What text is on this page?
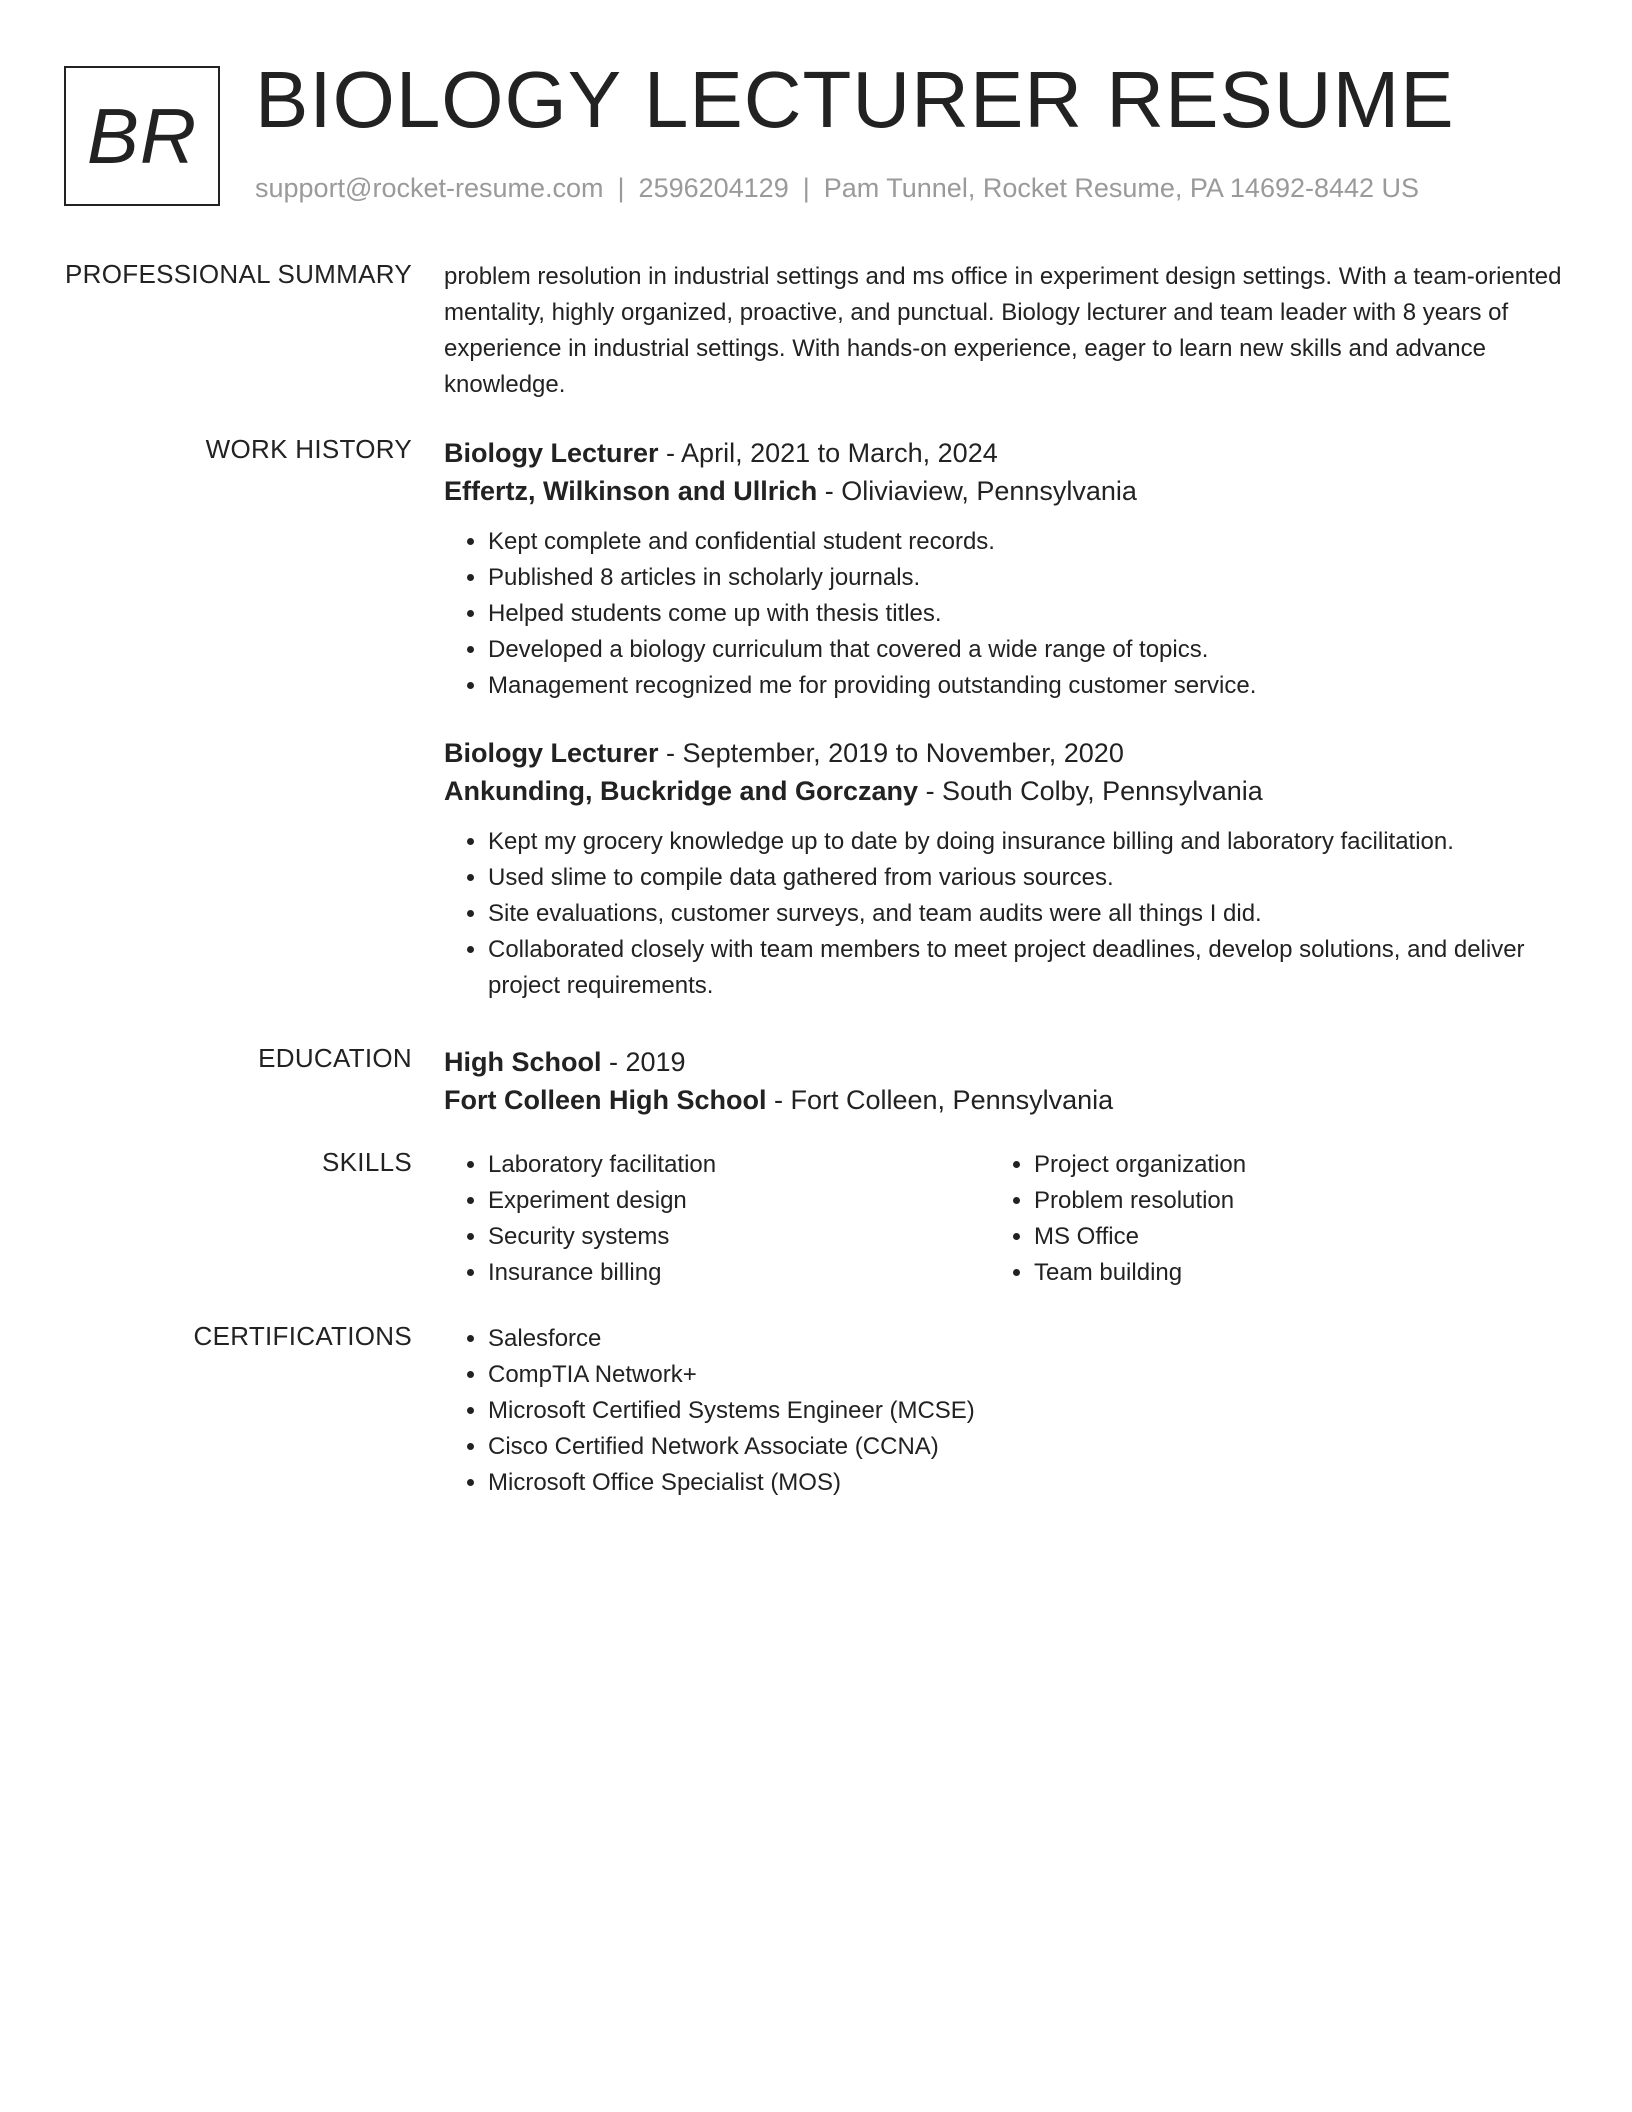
BR BIOLOGY LECTURER RESUME
support@rocket-resume.com | 2596204129 | Pam Tunnel, Rocket Resume, PA 14692-8442 US
PROFESSIONAL SUMMARY problem resolution in industrial settings and ms office in experiment design settings. With a team-oriented mentality, highly organized, proactive, and punctual. Biology lecturer and team leader with 8 years of experience in industrial settings. With hands-on experience, eager to learn new skills and advance knowledge.

WORK HISTORY Biology Lecturer - April, 2021 to March, 2024

Effertz, Wilkinson and Ullrich - Oliviaview, Pennsylvania

• Kept complete and confidential student records.
• Published 8 articles in scholarly journals.
• Helped students come up with thesis titles.
• Developed a biology curriculum that covered a wide range of topics.
• Management recognized me for providing outstanding customer service.

Biology Lecturer - September, 2019 to November, 2020

Ankunding, Buckridge and Gorczany - South Colby, Pennsylvania

• Kept my grocery knowledge up to date by doing insurance billing and laboratory facilitation.
• Used slime to compile data gathered from various sources.
• Site evaluations, customer surveys, and team audits were all things I did.
• Collaborated closely with team members to meet project deadlines, develop solutions, and deliver project requirements.
EDUCATION High School - 2019

Fort Colleen High School - Fort Colleen, Pennsylvania

SKILLS	• Laboratory facilitation
• Experiment design
• Security systems
• Insurance billing
• Project organization
• Problem resolution
• MS Office
• Team building
CERTIFICATIONS	• Salesforce
• CompTIA Network+
• Microsoft Certified Systems Engineer (MCSE)
• Cisco Certified Network Associate (CCNA)
• Microsoft Office Specialist (MOS)
